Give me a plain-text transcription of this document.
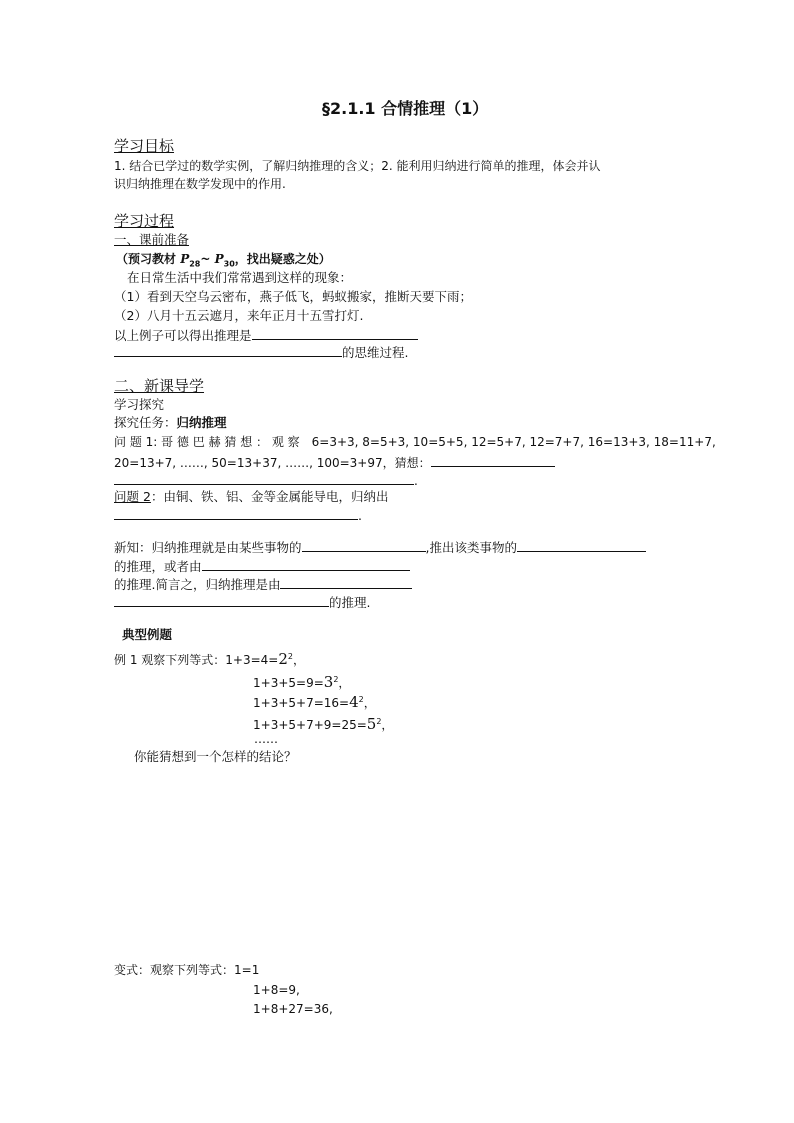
§2.1.1 合情推理（1）
学习目标
1. 结合已学过的数学实例，了解归纳推理的含义；2. 能利用归纳进行简单的推理，体会并认
识归纳推理在数学发现中的作用.
学习过程
一、课前准备
（预习教材 $P_{28}\sim$ $P_{30}$，找出疑惑之处）
在日常生活中我们常常遇到这样的现象：
（1）看到天空乌云密布，燕子低飞，蚂蚁搬家，推断天要下雨；
（2）八月十五云遮月，来年正月十五雪打灯.
以上例子可以得出推理是
的思维过程.
二、新课导学
学习探究
探究任务：归纳推理
问 题 1: 哥 德 巴 赫 猜 想 ： 观 察　6=3+3, 8=5+3, 10=5+5, 12=5+7, 12=7+7, 16=13+3, 18=11+7,
20=13+7, ……, 50=13+37, ……, 100=3+97，猜想：
.
问题 2：由铜、铁、铝、金等金属能导电，归纳出
.
新知：归纳推理就是由某些事物的	,推出该类事物的
的推理，或者由
的推理.简言之，归纳推理是由
的推理.
典型例题
例 1 观察下列等式：$1+3=4=2^2$，
$1+3+5=9=3^2$，
$1+3+5+7=16=4^2$，
$1+3+5+7+9=25=5^2$，
……
你能猜想到一个怎样的结论？
变式：观察下列等式：1=1
1+8=9,
1+8+27=36,
